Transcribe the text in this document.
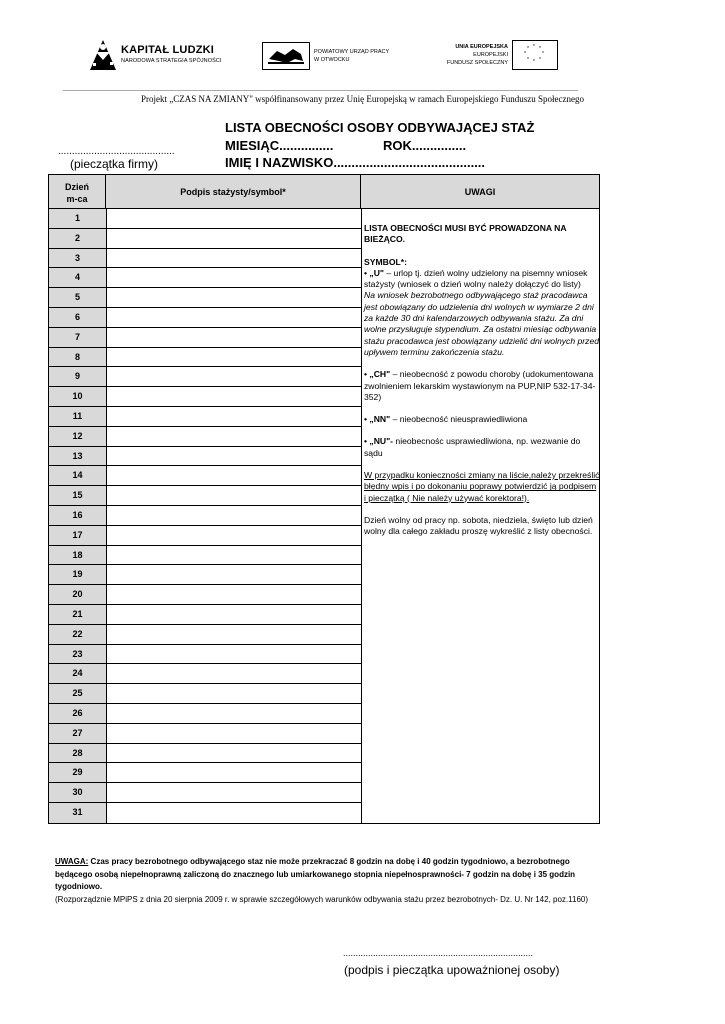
KAPITAŁ LUDZKI
NARODOWA STRATEGIA SPÓJNOŚCI
POWIATOWY URZĄD PRACY
W OTWOCKU
UNIA EUROPEJSKA
EUROPEJSKI
FUNDUSZ SPOŁECZNY
* *
*
*
*
*
*
*
Projekt „CZAS NA ZMIANY" współfinansowany przez Unię Europejską w ramach Europejskiego Funduszu Społecznego
LISTA OBECNOŚCI OSOBY ODBYWAJĄCEJ STAŻ
MIESIĄC...............	ROK...............
IMIĘ I NAZWISKO..........................................
..........................................
(pieczątka firmy)
Dzień
m-ca
Podpis stażysty/symbol*	UWAGI
1
2
3
4
5
6
7
8
9
10
11
12
13
14
15
16
17
18
19
20
21
22
23
24
25
26
27
28
29
30
31

LISTA OBECNOŚCI MUSI BYĆ PROWADZONA NA BIEŻĄCO.

SYMBOL*:

• „U" – urlop tj. dzień wolny udzielony na pisemny wniosek stażysty (wniosek o dzień wolny należy dołączyć do listy)

Na wniosek bezrobotnego odbywającego staż pracodawca jest obowiązany do udzielenia dni wolnych w wymiarze 2 dni za każde 30 dni kalendarzowych odbywania stażu. Za dni wolne przysługuje stypendium. Za ostatni miesiąc odbywania stażu pracodawca jest obowiązany udzielić dni wolnych przed upływem terminu zakończenia stażu.

• „CH" – nieobecność z powodu choroby (udokumentowana zwolnieniem lekarskim wystawionym na PUP,NIP 532-17-34-352)

• „NN" – nieobecność nieusprawiedliwiona

• „NU"- nieobecnośc usprawiedliwiona, np. wezwanie do sądu

W przypadku konieczności zmiany na liście,należy przekreślić błędny wpis i po dokonaniu poprawy potwierdzić ją podpisem i pieczątką ( Nie należy używać korektora!).

Dzień wolny od pracy np. sobota, niedziela, święto lub dzień wolny dla całego zakładu proszę wykreślić z listy obecności.

UWAGA: Czas pracy bezrobotnego odbywającego staz nie może przekraczać 8 godzin na dobę i 40 godzin tygodniowo, a bezrobotnego będącego osobą niepełnoprawną zaliczoną do znacznego lub umiarkowanego stopnia niepełnosprawności- 7 godzin na dobę i 35 godzin tygodniowo.
(Rozporządznie MPiPS z dnia 20 sierpnia 2009 r. w sprawie szczegółowych warunków odbywania stażu przez bezrobotnych- Dz. U. Nr 142, poz.1160)
............................................................................
(podpis i pieczątka upoważnionej osoby)
